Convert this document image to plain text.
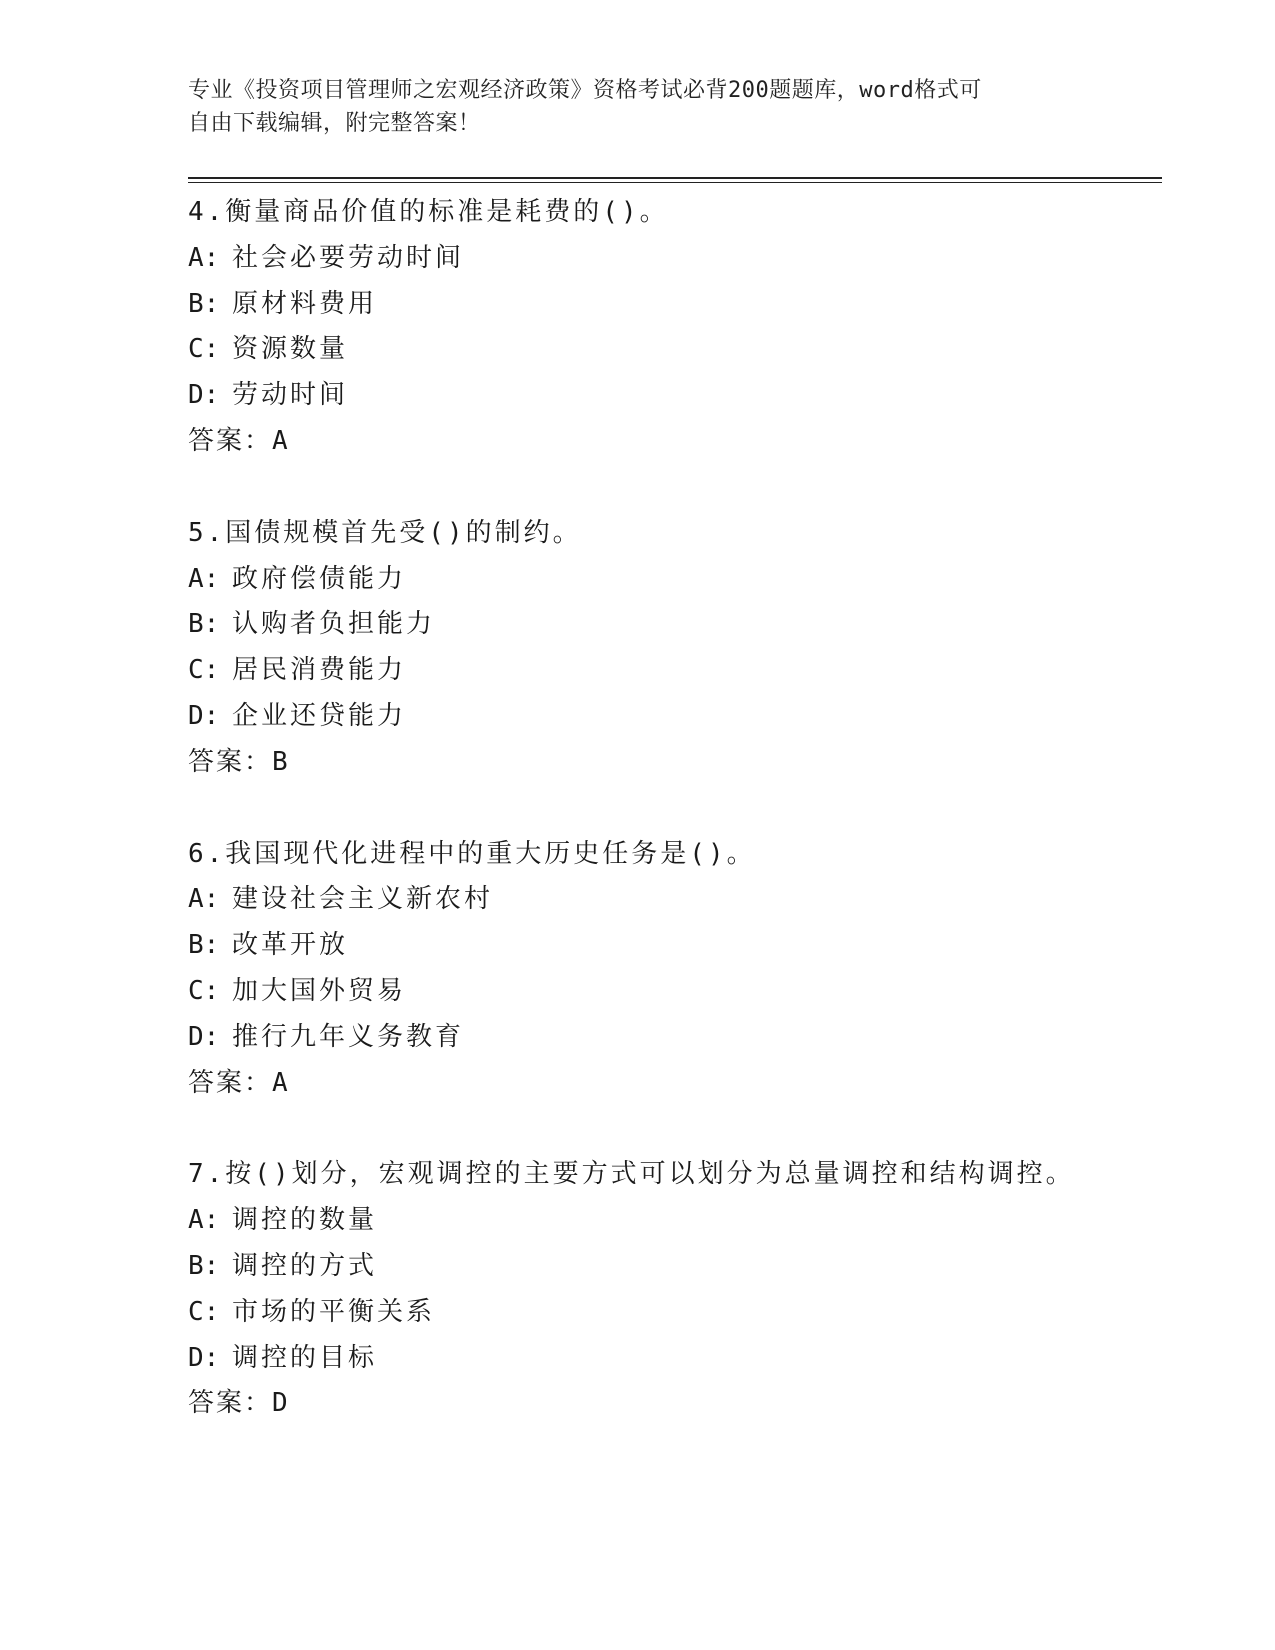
专业《投资项目管理师之宏观经济政策》资格考试必背200题题库，word格式可
自由下载编辑，附完整答案！
4.衡量商品价值的标准是耗费的()。
A: 社会必要劳动时间
B: 原材料费用
C: 资源数量
D: 劳动时间
答案：A
5.国债规模首先受()的制约。
A: 政府偿债能力
B: 认购者负担能力
C: 居民消费能力
D: 企业还贷能力
答案：B
6.我国现代化进程中的重大历史任务是()。
A: 建设社会主义新农村
B: 改革开放
C: 加大国外贸易
D: 推行九年义务教育
答案：A
7.按()划分，宏观调控的主要方式可以划分为总量调控和结构调控。
A: 调控的数量
B: 调控的方式
C: 市场的平衡关系
D: 调控的目标
答案：D
